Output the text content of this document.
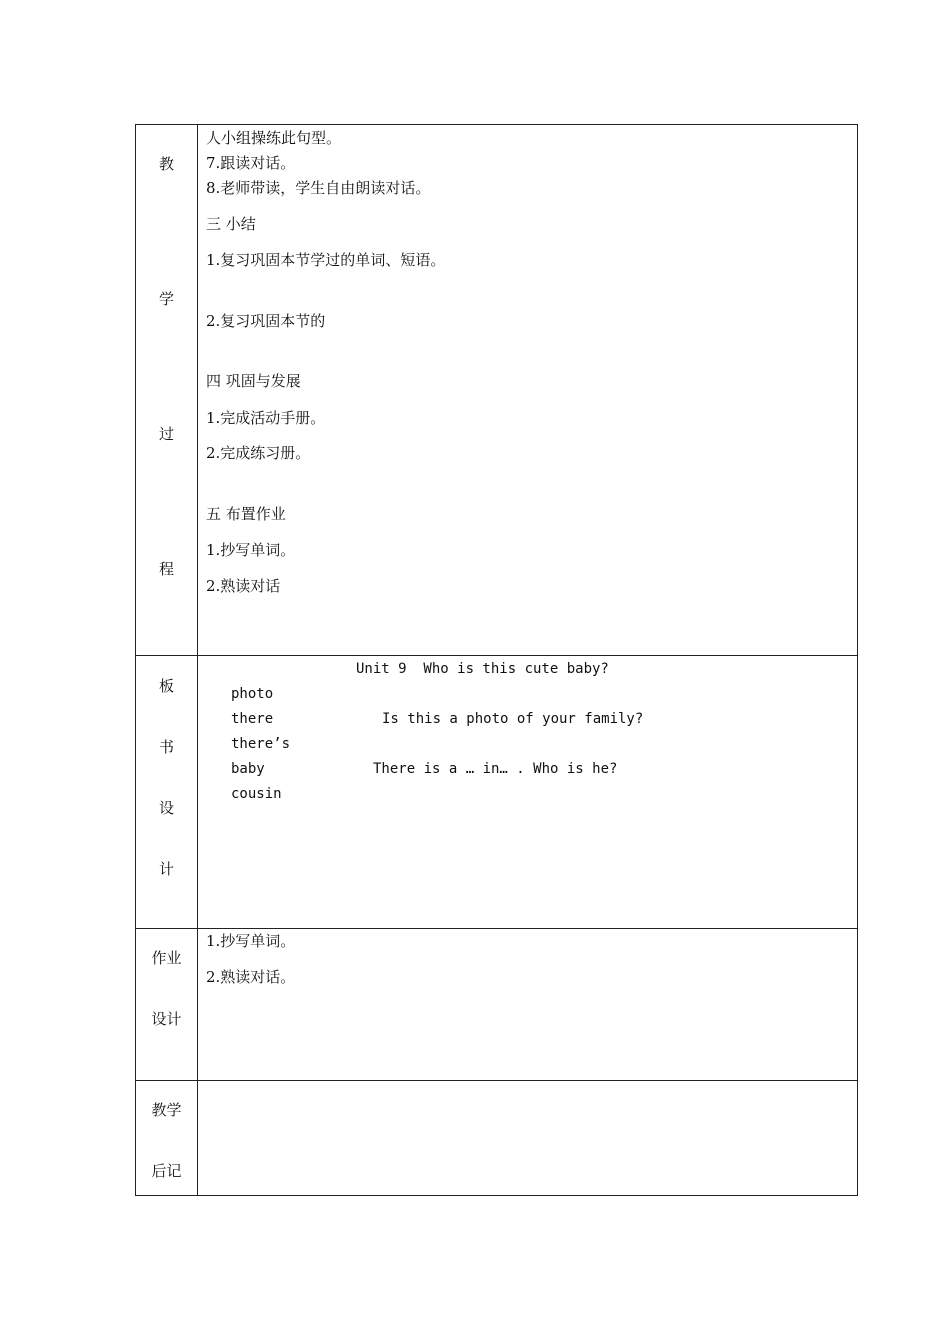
教
学
过
程
人小组操练此句型。
7.跟读对话。
8.老师带读，学生自由朗读对话。
三 小结
1.复习巩固本节学过的单词、短语。
2.复习巩固本节的
四 巩固与发展
1.完成活动手册。
2.完成练习册。
五 布置作业
1.抄写单词。
2.熟读对话
板
书
设
计
Unit 9  Who is this cute baby?
photo
there	Is this a photo of your family?
there’s
baby	There is a … in… . Who is he?
cousin
作业
设计
1.抄写单词。
2.熟读对话。
教学
后记
